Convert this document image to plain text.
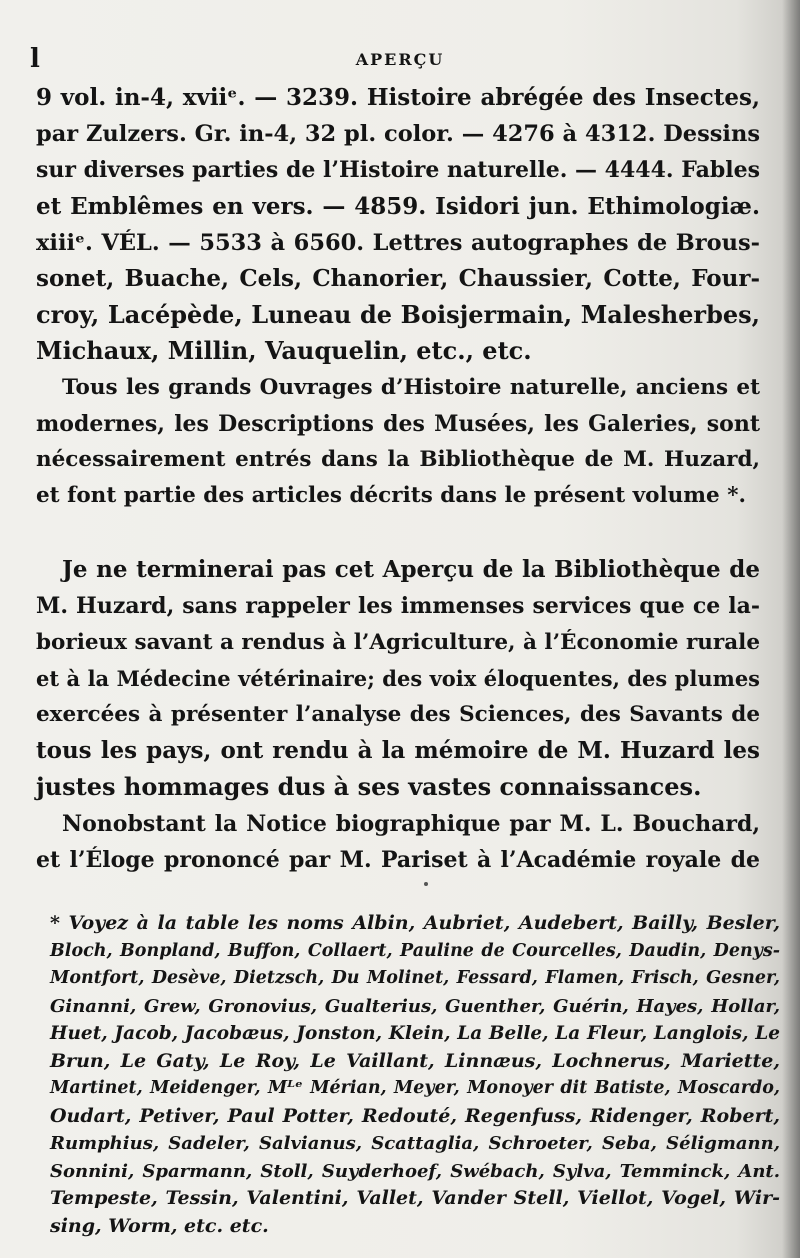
l	APERÇU
9 vol. in-4, xviiᵉ. — 3239. Histoire abrégée des Insectes,
par Zulzers. Gr. in-4, 32 pl. color. — 4276 à 4312. Dessins
sur diverses parties de l’Histoire naturelle. — 4444. Fables
et Emblêmes en vers. — 4859. Isidori jun. Ethimologiæ.
xiiiᵉ. VÉL. — 5533 à 6560. Lettres autographes de Brous-
sonet, Buache, Cels, Chanorier, Chaussier, Cotte, Four-
croy, Lacépède, Luneau de Boisjermain, Malesherbes,
Michaux, Millin, Vauquelin, etc., etc.
Tous les grands Ouvrages d’Histoire naturelle, anciens et
modernes, les Descriptions des Musées, les Galeries, sont
nécessairement entrés dans la Bibliothèque de M. Huzard,
et font partie des articles décrits dans le présent volume *.
Je ne terminerai pas cet Aperçu de la Bibliothèque de
M. Huzard, sans rappeler les immenses services que ce la-
borieux savant a rendus à l’Agriculture, à l’Économie rurale
et à la Médecine vétérinaire; des voix éloquentes, des plumes
exercées à présenter l’analyse des Sciences, des Savants de
tous les pays, ont rendu à la mémoire de M. Huzard les
justes hommages dus à ses vastes connaissances.
Nonobstant la Notice biographique par M. L. Bouchard,
et l’Éloge prononcé par M. Pariset à l’Académie royale de
* Voyez à la table les noms Albin, Aubriet, Audebert, Bailly, Besler,
Bloch, Bonpland, Buffon, Collaert, Pauline de Courcelles, Daudin, Denys-
Montfort, Desève, Dietzsch, Du Molinet, Fessard, Flamen, Frisch, Gesner,
Ginanni, Grew, Gronovius, Gualterius, Guenther, Guérin, Hayes, Hollar,
Huet, Jacob, Jacobæus, Jonston, Klein, La Belle, La Fleur, Langlois, Le
Brun, Le Gaty, Le Roy, Le Vaillant, Linnæus, Lochnerus, Mariette,
Martinet, Meidenger, Mᴸᵉ Mérian, Meyer, Monoyer dit Batiste, Moscardo,
Oudart, Petiver, Paul Potter, Redouté, Regenfuss, Ridenger, Robert,
Rumphius, Sadeler, Salvianus, Scattaglia, Schroeter, Seba, Séligmann,
Sonnini, Sparmann, Stoll, Suyderhoef, Swébach, Sylva, Temminck, Ant.
Tempeste, Tessin, Valentini, Vallet, Vander Stell, Viellot, Vogel, Wir-
sing, Worm, etc. etc.
